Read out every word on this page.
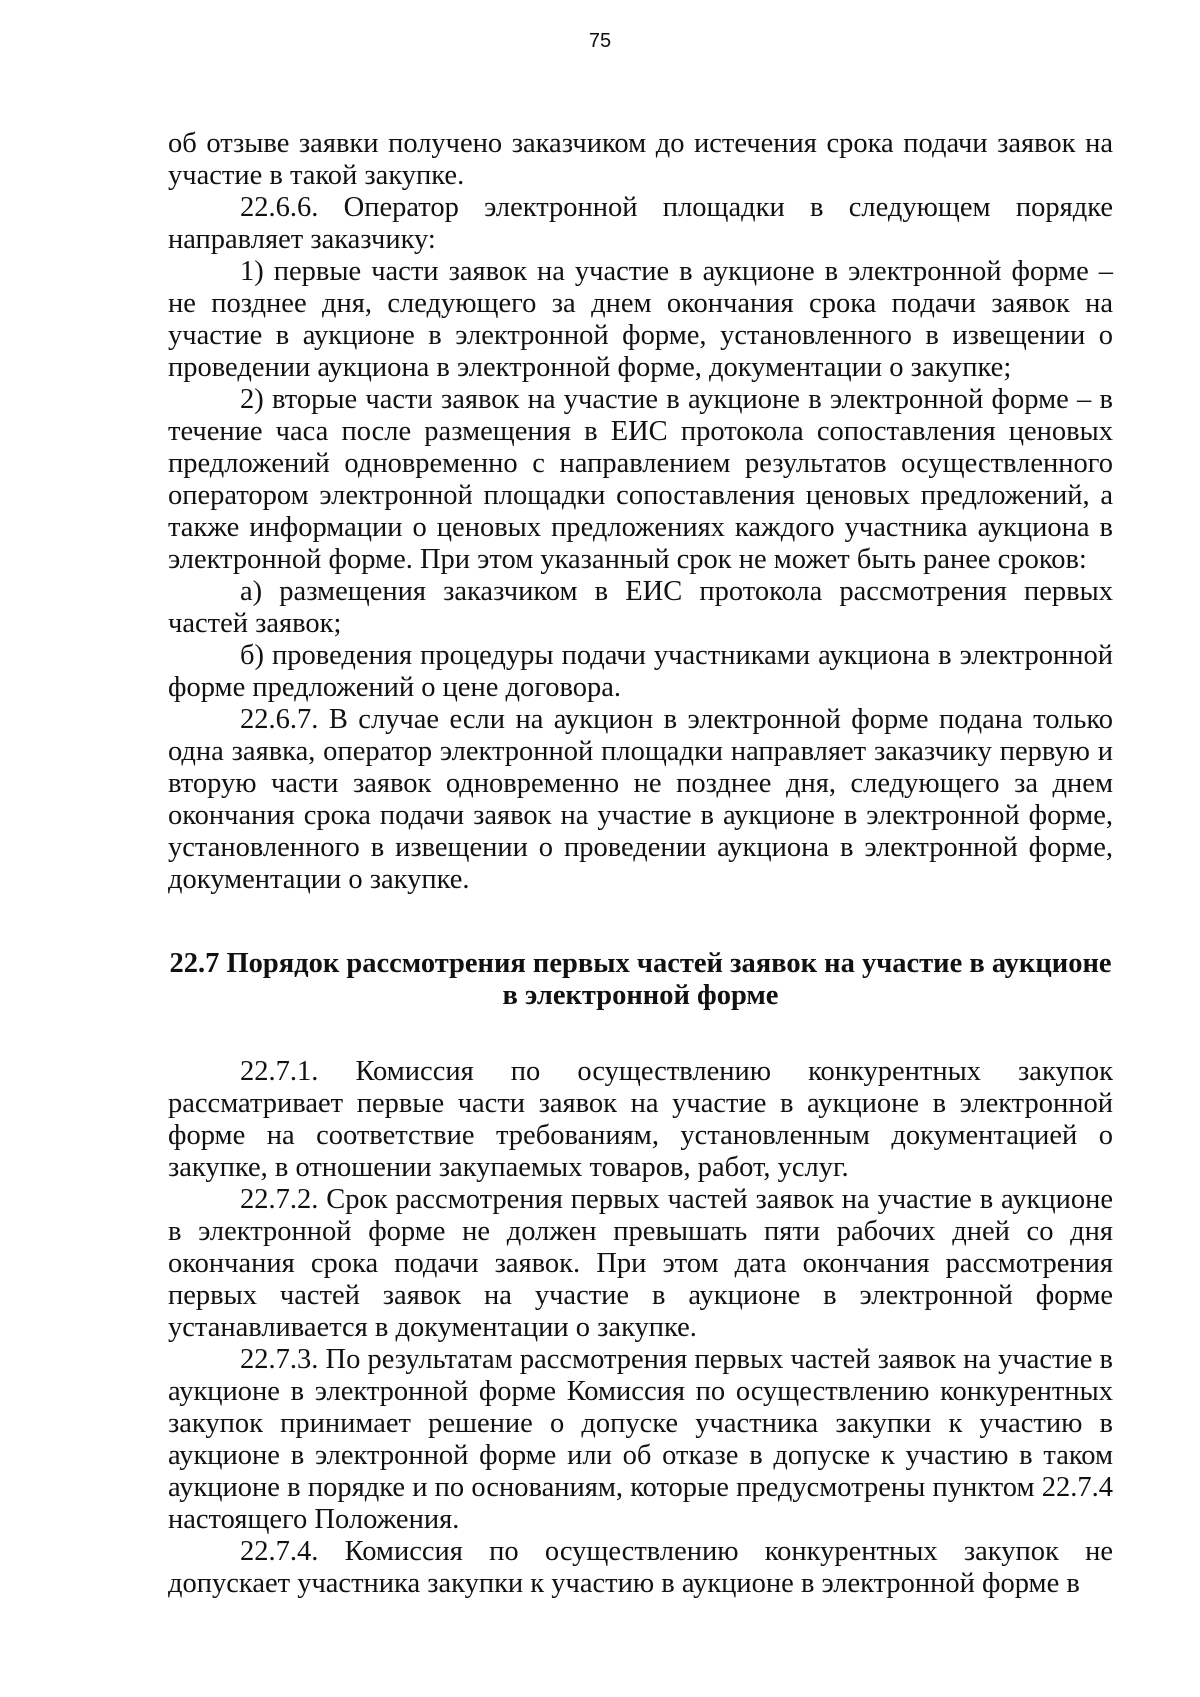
75

об отзыве заявки получено заказчиком до истечения срока подачи заявок на участие в такой закупке.

22.6.6. Оператор электронной площадки в следующем порядке направляет заказчику:

1) первые части заявок на участие в аукционе в электронной форме – не позднее дня, следующего за днем окончания срока подачи заявок на участие в аукционе в электронной форме, установленного в извещении о проведении аукциона в электронной форме, документации о закупке;

2) вторые части заявок на участие в аукционе в электронной форме – в течение часа после размещения в ЕИС протокола сопоставления ценовых предложений одновременно с направлением результатов осуществленного оператором электронной площадки сопоставления ценовых предложений, а также информации о ценовых предложениях каждого участника аукциона в электронной форме. При этом указанный срок не может быть ранее сроков:

а) размещения заказчиком в ЕИС протокола рассмотрения первых частей заявок;

б) проведения процедуры подачи участниками аукциона в электронной форме предложений о цене договора.

22.6.7. В случае если на аукцион в электронной форме подана только одна заявка, оператор электронной площадки направляет заказчику первую и вторую части заявок одновременно не позднее дня, следующего за днем окончания срока подачи заявок на участие в аукционе в электронной форме, установленного в извещении о проведении аукциона в электронной форме, документации о закупке.

22.7 Порядок рассмотрения первых частей заявок на участие в аукционе
в электронной форме

22.7.1. Комиссия по осуществлению конкурентных закупок рассматривает первые части заявок на участие в аукционе в электронной форме на соответствие требованиям, установленным документацией о закупке, в отношении закупаемых товаров, работ, услуг.

22.7.2. Срок рассмотрения первых частей заявок на участие в аукционе в электронной форме не должен превышать пяти рабочих дней со дня окончания срока подачи заявок. При этом дата окончания рассмотрения первых частей заявок на участие в аукционе в электронной форме устанавливается в документации о закупке.

22.7.3. По результатам рассмотрения первых частей заявок на участие в аукционе в электронной форме Комиссия по осуществлению конкурентных закупок принимает решение о допуске участника закупки к участию в аукционе в электронной форме или об отказе в допуске к участию в таком аукционе в порядке и по основаниям, которые предусмотрены пунктом 22.7.4 настоящего Положения.

22.7.4. Комиссия по осуществлению конкурентных закупок не допускает участника закупки к участию в аукционе в электронной форме в
